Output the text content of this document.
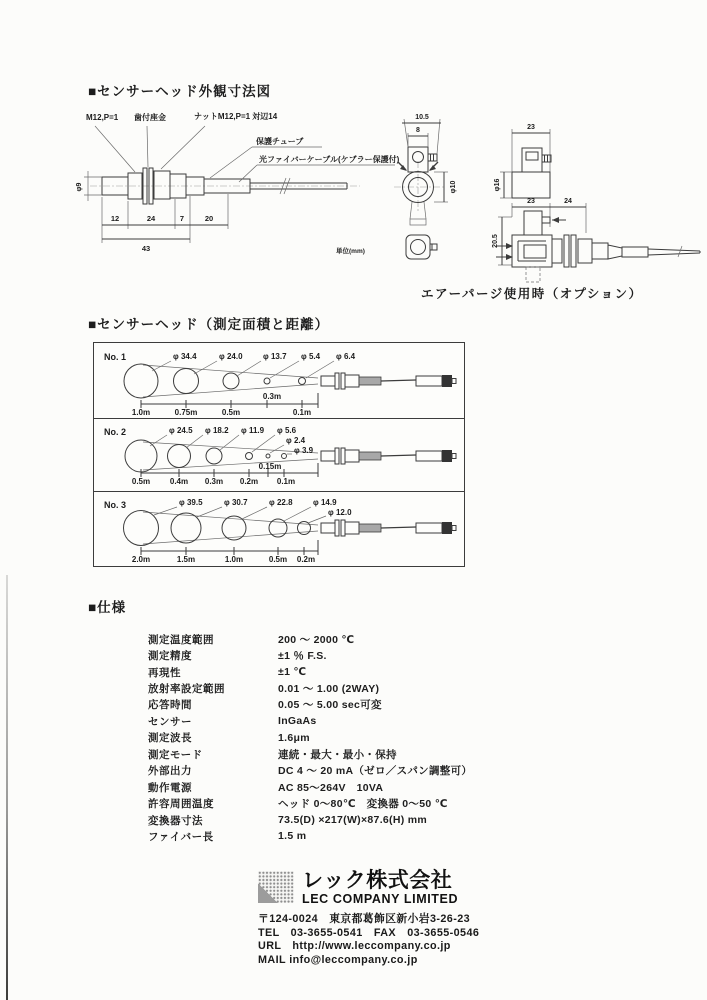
■センサーヘッド外観寸法図
M12,P=1 歯付座金	ナットM12,P=1 対辺14
保護チューブ
光ファイバーケーブル(ケブラー保護付)
φ9
12	24	7	20
43	単位(mm)
10.5
8
φ10
23
φ16
23	24
20.5
エアーパージ使用時（オプション）
■センサーヘッド（測定面積と距離）
No. 1	φ 34.4	φ 24.0	φ 13.7 φ 5.4 φ 6.4
1.0m	0.75m	0.5m
0.3m
0.1m
No. 2	φ 24.5 φ 18.2 φ 11.9 φ 5.6
φ 2.4
φ 3.9
0.5m 0.4m 0.3m 0.2m
0.15m
0.1m
No. 3	φ 39.5	φ 30.7	φ 22.8	φ 14.9
φ 12.0
2.0m	1.5m	1.0m	0.5m 0.2m
■仕様
測定温度範囲	200 ～ 2000 ℃
測定精度	±1 ％ F.S.
再現性	±1 ℃
放射率設定範囲	0.01 ～ 1.00 (2WAY)
応答時間	0.05 ～ 5.00 sec可変
センサー	InGaAs
測定波長	1.6μm
測定モード	連続・最大・最小・保持
外部出力	DC 4 ～ 20 mA（ゼロ／スパン調整可）
動作電源	AC 85～264V　10VA
許容周囲温度	ヘッド 0～80℃　変換器 0～50 ℃
変換器寸法	73.5(D) ×217(W)×87.6(H) mm
ファイバー長	1.5 m
レック株式会社
LEC COMPANY LIMITED
〒124-0024　東京都葛飾区新小岩3-26-23
TEL　03-3655-0541　FAX　03-3655-0546
URL　http://www.leccompany.co.jp
MAIL info@leccompany.co.jp
